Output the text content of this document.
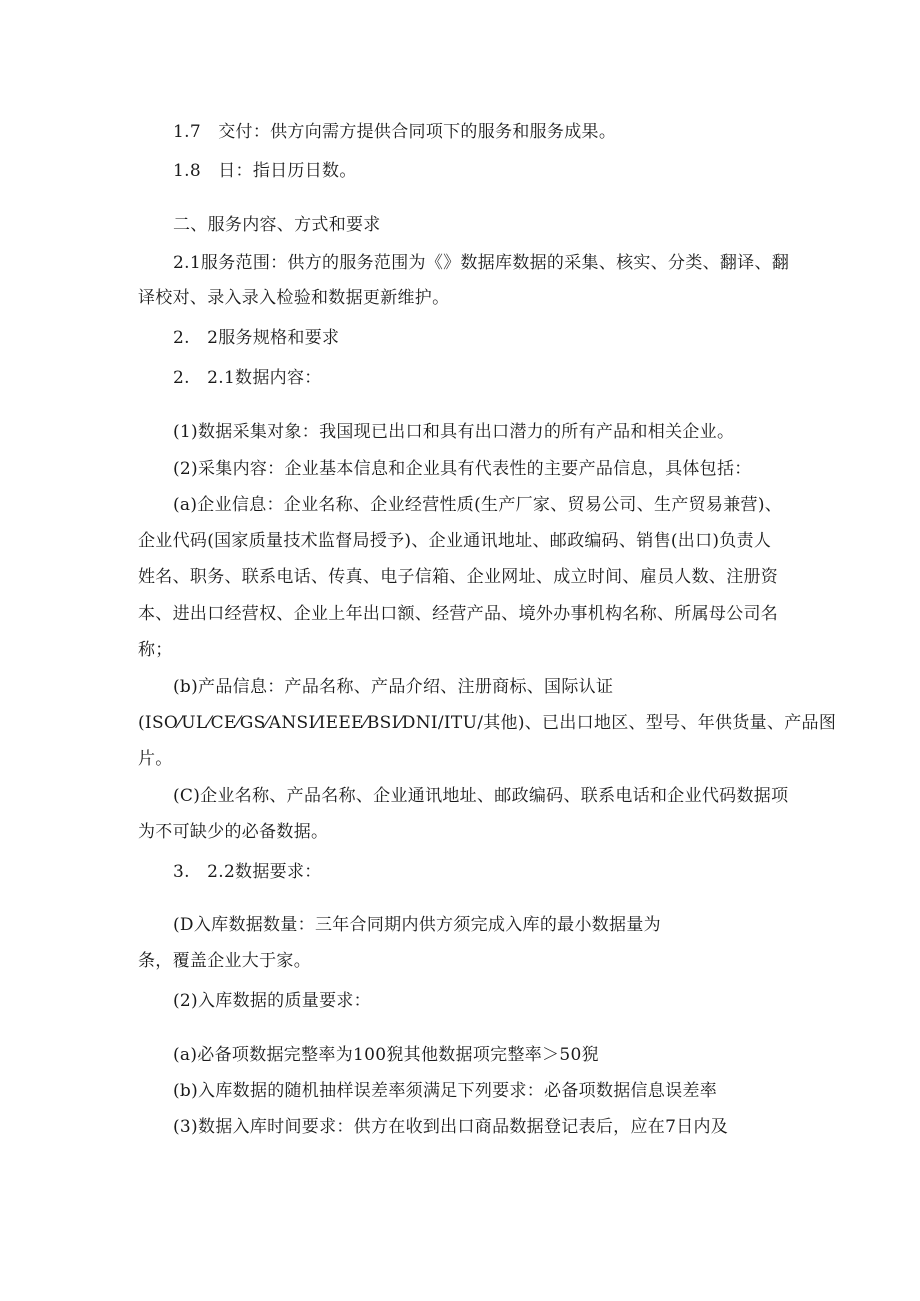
1.7　交付：供方向需方提供合同项下的服务和服务成果。
1.8　日：指日历日数。
二、服务内容、方式和要求
2.1服务范围：供方的服务范围为《》数据库数据的采集、核实、分类、翻译、翻
译校对、录入录入检验和数据更新维护。
2.　2服务规格和要求
2.　2.1数据内容：
(1)数据采集对象：我国现已出口和具有出口潜力的所有产品和相关企业。
(2)采集内容：企业基本信息和企业具有代表性的主要产品信息，具体包括：
(a)企业信息：企业名称、企业经营性质(生产厂家、贸易公司、生产贸易兼营)、
企业代码(国家质量技术监督局授予)、企业通讯地址、邮政编码、销售(出口)负责人
姓名、职务、联系电话、传真、电子信箱、企业网址、成立时间、雇员人数、注册资
本、进出口经营权、企业上年出口额、经营产品、境外办事机构名称、所属母公司名
称；
(b)产品信息：产品名称、产品介绍、注册商标、国际认证
(ISO⁄UL⁄CE⁄GS⁄ANSI⁄IEEE⁄BSI⁄DNI/ITU/其他)、已出口地区、型号、年供货量、产品图
片。
(C)企业名称、产品名称、企业通讯地址、邮政编码、联系电话和企业代码数据项
为不可缺少的必备数据。
3.　2.2数据要求：
(D入库数据数量：三年合同期内供方须完成入库的最小数据量为
条，覆盖企业大于家。
(2)入库数据的质量要求：
(a)必备项数据完整率为100猊其他数据项完整率＞50猊
(b)入库数据的随机抽样误差率须满足下列要求：必备项数据信息误差率
(3)数据入库时间要求：供方在收到出口商品数据登记表后，应在7日内及
